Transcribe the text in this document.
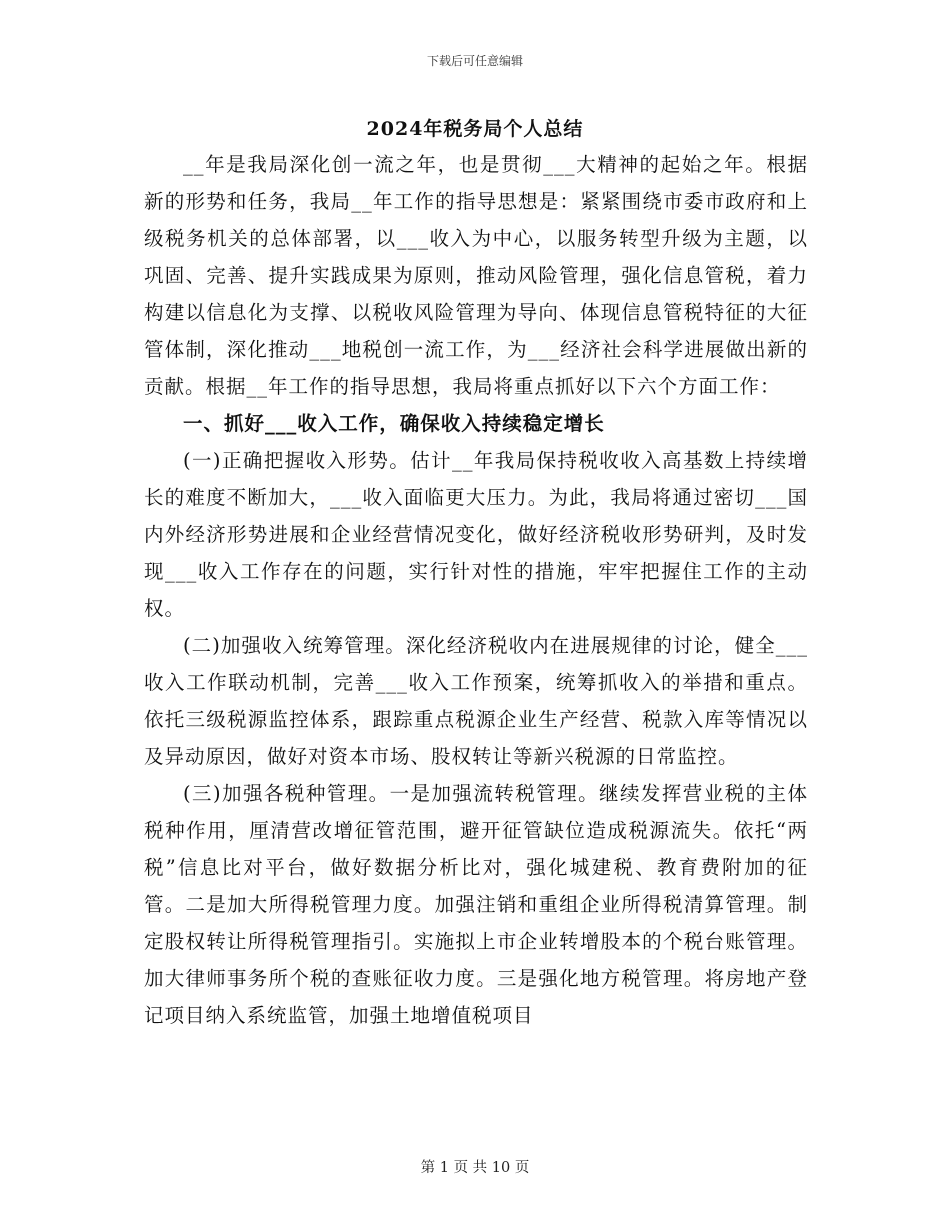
下载后可任意编辑
2024年税务局个人总结

__年是我局深化创一流之年，也是贯彻___大精神的起始之年。根据新的形势和任务，我局__年工作的指导思想是：紧紧围绕市委市政府和上级税务机关的总体部署，以___收入为中心，以服务转型升级为主题，以巩固、完善、提升实践成果为原则，推动风险管理，强化信息管税，着力构建以信息化为支撑、以税收风险管理为导向、体现信息管税特征的大征管体制，深化推动___地税创一流工作，为___经济社会科学进展做出新的贡献。根据__年工作的指导思想，我局将重点抓好以下六个方面工作：

一、抓好___收入工作，确保收入持续稳定增长

(一)正确把握收入形势。估计__年我局保持税收收入高基数上持续增长的难度不断加大，___收入面临更大压力。为此，我局将通过密切___国内外经济形势进展和企业经营情况变化，做好经济税收形势研判，及时发现___收入工作存在的问题，实行针对性的措施，牢牢把握住工作的主动权。

(二)加强收入统筹管理。深化经济税收内在进展规律的讨论，健全___收入工作联动机制，完善___收入工作预案，统筹抓收入的举措和重点。依托三级税源监控体系，跟踪重点税源企业生产经营、税款入库等情况以及异动原因，做好对资本市场、股权转让等新兴税源的日常监控。

(三)加强各税种管理。一是加强流转税管理。继续发挥营业税的主体税种作用，厘清营改增征管范围，避开征管缺位造成税源流失。依托“两税”信息比对平台，做好数据分析比对，强化城建税、教育费附加的征管。二是加大所得税管理力度。加强注销和重组企业所得税清算管理。制定股权转让所得税管理指引。实施拟上市企业转增股本的个税台账管理。加大律师事务所个税的查账征收力度。三是强化地方税管理。将房地产登记项目纳入系统监管，加强土地增值税项目

第 1 页 共 10 页
